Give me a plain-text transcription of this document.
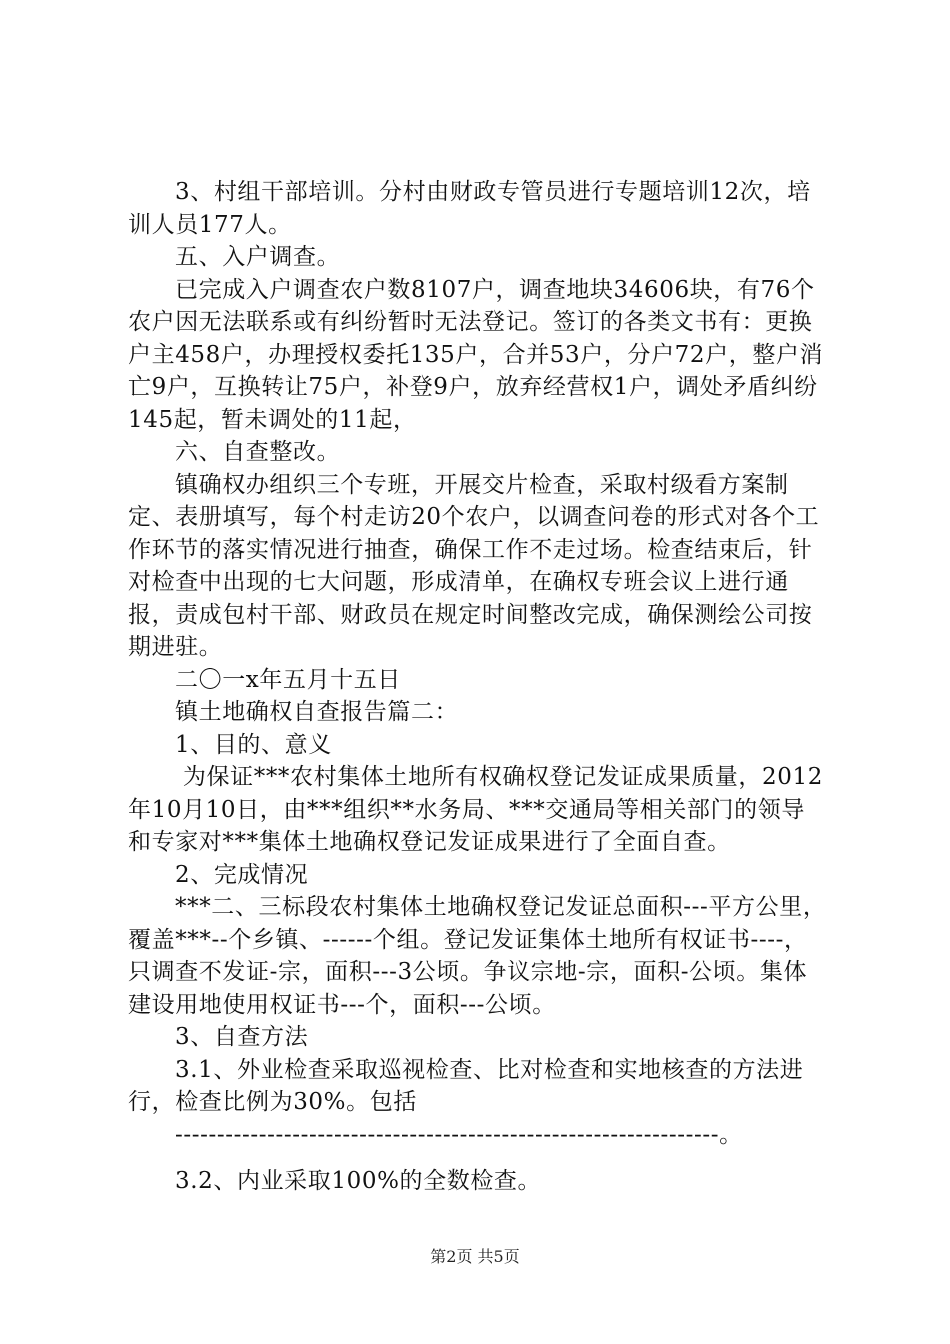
3、村组干部培训。分村由财政专管员进行专题培训12次，培训人员177人。

五、入户调查。

已完成入户调查农户数8107户，调查地块34606块，有76个农户因无法联系或有纠纷暂时无法登记。签订的各类文书有：更换户主458户，办理授权委托135户，合并53户，分户72户，整户消亡9户，互换转让75户，补登9户，放弃经营权1户，调处矛盾纠纷145起，暂未调处的11起，

六、自查整改。

镇确权办组织三个专班，开展交片检查，采取村级看方案制定、表册填写，每个村走访20个农户，以调查问卷的形式对各个工作环节的落实情况进行抽查，确保工作不走过场。检查结束后，针对检查中出现的七大问题，形成清单，在确权专班会议上进行通报，责成包村干部、财政员在规定时间整改完成，确保测绘公司按期进驻。

二〇一x年五月十五日

镇土地确权自查报告篇二：

1、目的、意义

为保证***农村集体土地所有权确权登记发证成果质量，2012年10月10日，由***组织**水务局、***交通局等相关部门的领导和专家对***集体土地确权登记发证成果进行了全面自查。

2、完成情况

***二、三标段农村集体土地确权登记发证总面积---平方公里，覆盖***--个乡镇、------个组。登记发证集体土地所有权证书----，只调查不发证-宗，面积---3公顷。争议宗地-宗，面积-公顷。集体建设用地使用权证书---个，面积---公顷。

3、自查方法

3.1、外业检查采取巡视检查、比对检查和实地核查的方法进行，检查比例为30%。包括

-----------------------------------------------------------------。

3.2、内业采取100%的全数检查。

第2页 共5页
